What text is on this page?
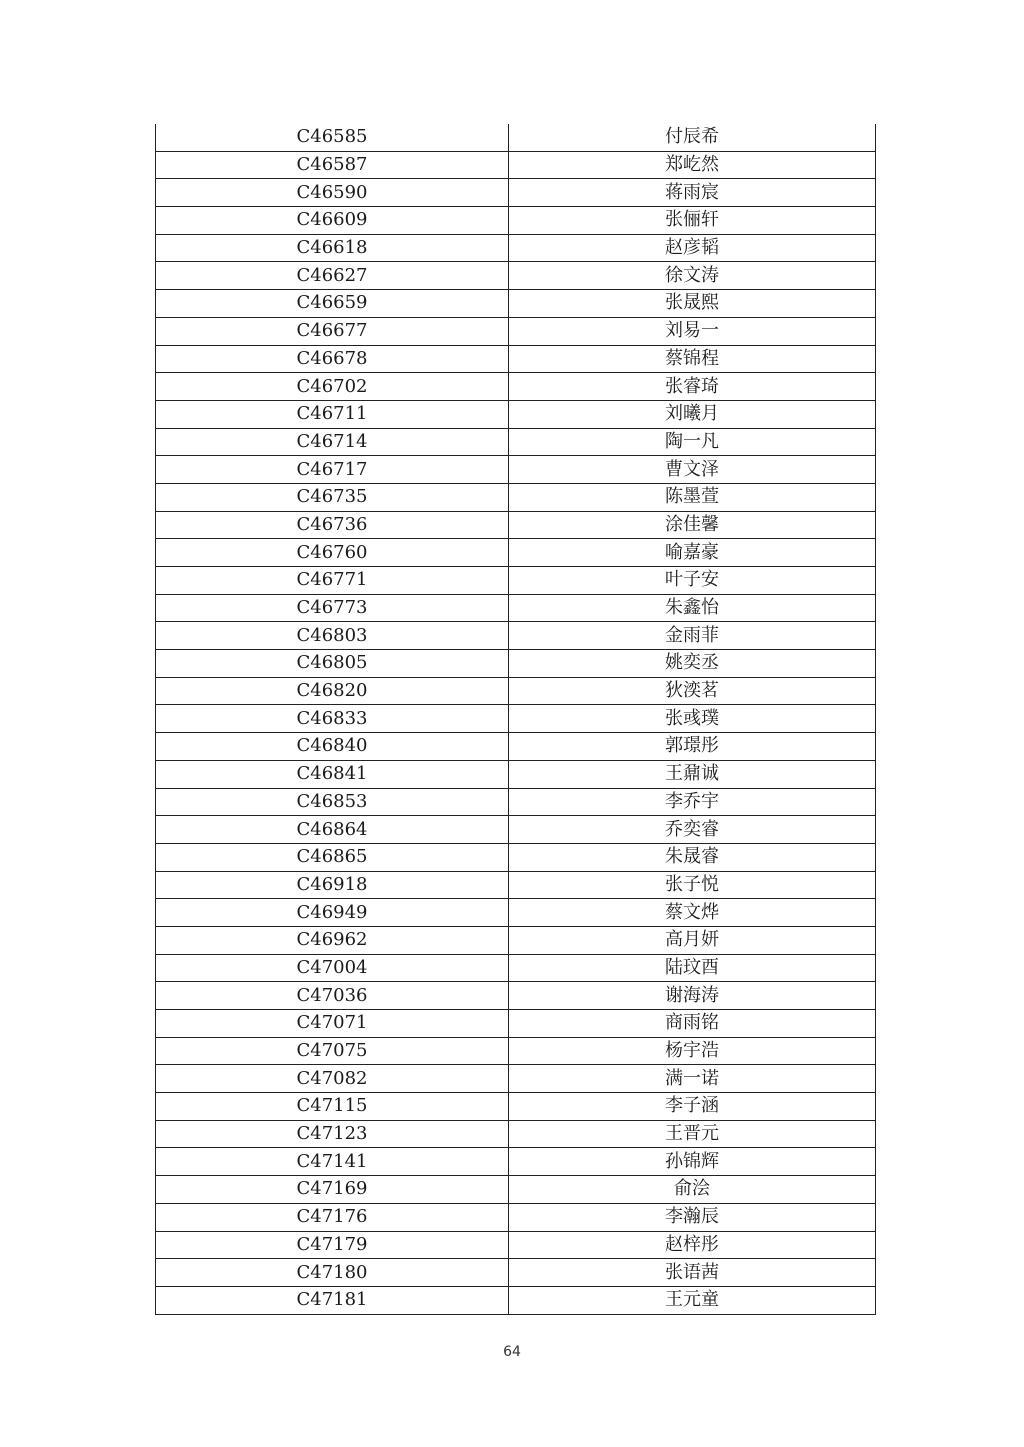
C46585	付辰希
C46587	郑屹然
C46590	蒋雨宸
C46609	张俪轩
C46618	赵彦韬
C46627	徐文涛
C46659	张晟熙
C46677	刘易一
C46678	蔡锦程
C46702	张睿琦
C46711	刘曦月
C46714	陶一凡
C46717	曹文泽
C46735	陈墨萱
C46736	涂佳馨
C46760	喻嘉豪
C46771	叶子安
C46773	朱鑫怡
C46803	金雨菲
C46805	姚奕丞
C46820	狄湙茗
C46833	张彧璞
C46840	郭璟彤
C46841	王鼐诚
C46853	李乔宇
C46864	乔奕睿
C46865	朱晟睿
C46918	张子悦
C46949	蔡文烨
C46962	高月妍
C47004	陆玟酉
C47036	谢海涛
C47071	商雨铭
C47075	杨宇浩
C47082	满一诺
C47115	李子涵
C47123	王晋元
C47141	孙锦辉
C47169	俞浍
C47176	李瀚辰
C47179	赵梓彤
C47180	张语茜
C47181	王元童
64
